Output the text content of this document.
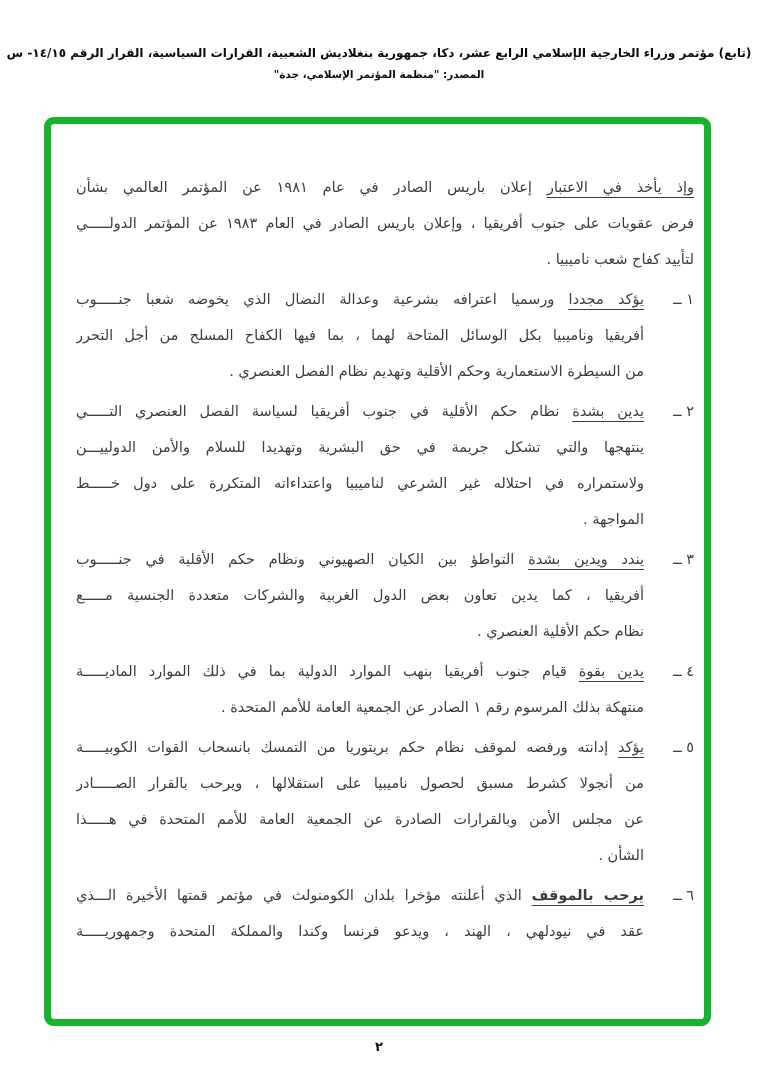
(تابع) مؤتمر وزراء الخارجية الإسلامي الرابع عشر، دكا، جمهورية بنغلاديش الشعبية، القرارات السياسية، القرار الرقم ١٤/١٥- س
المصدر: "منظمة المؤتمر الإسلامي، جدة"
وإذ يأخذ في الاعتبار إعلان باريس الصادر في عام ١٩٨١ عن المؤتمر العالمي بشأن
فرض عقوبات على جنوب أفريقيا ، وإعلان باريس الصادر في العام ١٩٨٣ عن المؤتمر الدولـــــي
لتأييد كفاح شعب ناميبيا .
١ ــ
يؤكد مجددا ورسميا اعترافه بشرعية وعدالة النضال الذي يخوضه شعبا جنـــــوب
أفريقيا وناميبيا بكل الوسائل المتاحة لهما ، بما فيها الكفاح المسلح من أجل التحرر
من السيطرة الاستعمارية وحكم الأقلية وتهديم نظام الفصل العنصري .
٢ ــ
يدين بشدة نظام حكم الأقلية في جنوب أفريقيا لسياسة الفصل العنصري التـــــي
ينتهجها والتي تشكل جريمة في حق البشرية وتهديدا للسلام والأمن الدولييـــن
ولاستمراره في احتلاله غير الشرعي لناميبيا واعتداءاته المتكررة على دول خـــــط
المواجهة .
٣ ــ
يندد ويدين بشدة التواطؤ بين الكيان الصهيوني ونظام حكم الأقلية في جنـــــوب
أفريقيا ، كما يدين تعاون بعض الدول الغربية والشركات متعددة الجنسية مـــــع
نظام حكم الأقلية العنصري .
٤ ــ
يدين بقوة قيام جنوب أفريقيا بنهب الموارد الدولية بما في ذلك الموارد الماديـــــة
منتهكة بذلك المرسوم رقم ١ الصادر عن الجمعية العامة للأمم المتحدة .
٥ ــ
يؤكد إدانته ورفضه لموقف نظام حكم بريتوريا من التمسك بانسحاب القوات الكوبيـــــة
من أنجولا كشرط مسبق لحصول ناميبيا على استقلالها ، ويرحب بالقرار الصـــــادر
عن مجلس الأمن وبالقرارات الصادرة عن الجمعية العامة للأمم المتحدة في هـــــذا
الشأن .
٦ ــ
يرحب بالموقف الذي أعلنته مؤخرا بلدان الكومنولث في مؤتمر قمتها الأخيرة الـــذي
عقد في نيودلهي ، الهند ، ويدعو فرنسا وكندا والمملكة المتحدة وجمهوريـــــة
٢
